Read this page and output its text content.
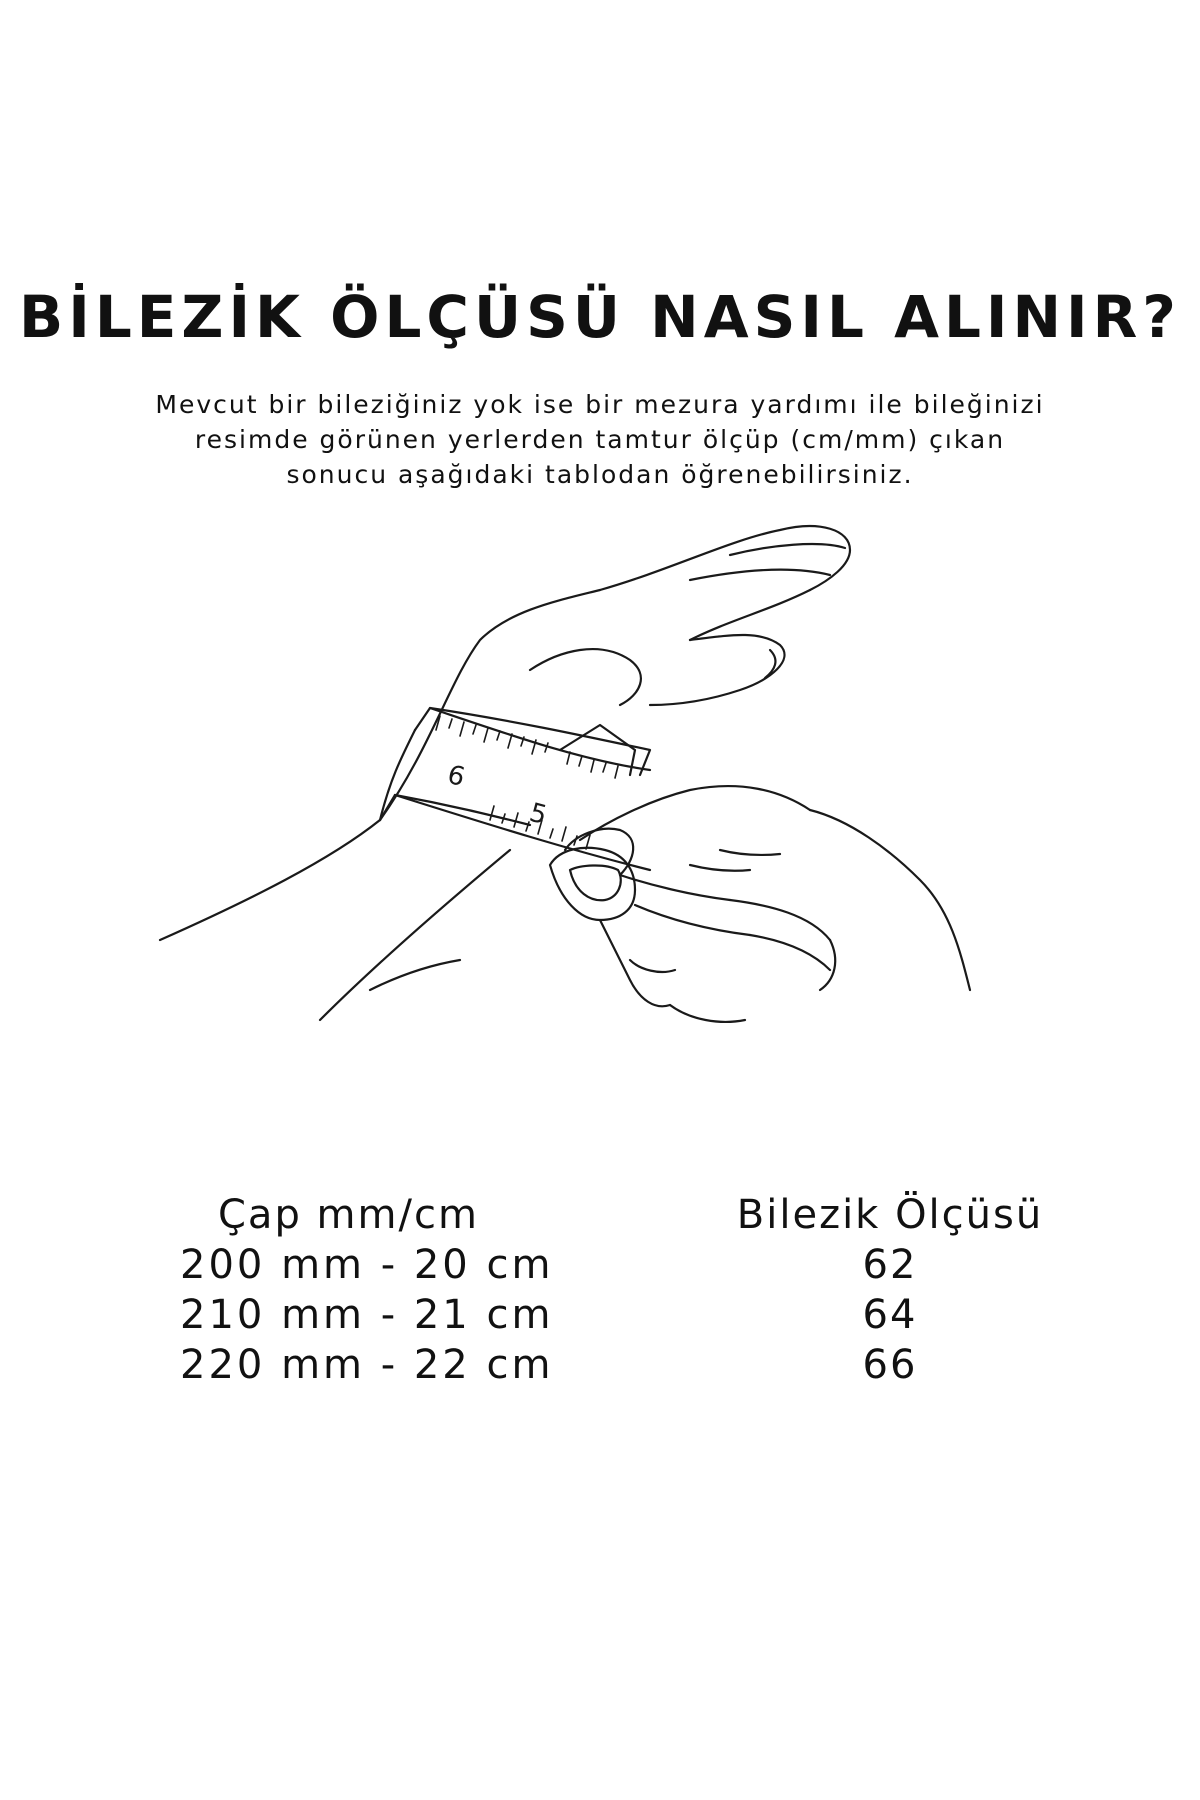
BİLEZİK ÖLÇÜSÜ NASIL ALINIR?
Mevcut bir bileziğiniz yok ise bir mezura yardımı ile bileğinizi
resimde görünen yerlerden tamtur ölçüp (cm/mm) çıkan
sonucu aşağıdaki tablodan öğrenebilirsiniz.
6
5
Çap mm/cm	Bilezik Ölçüsü
200 mm - 20 cm	62
210 mm - 21 cm	64
220 mm - 22 cm	66
